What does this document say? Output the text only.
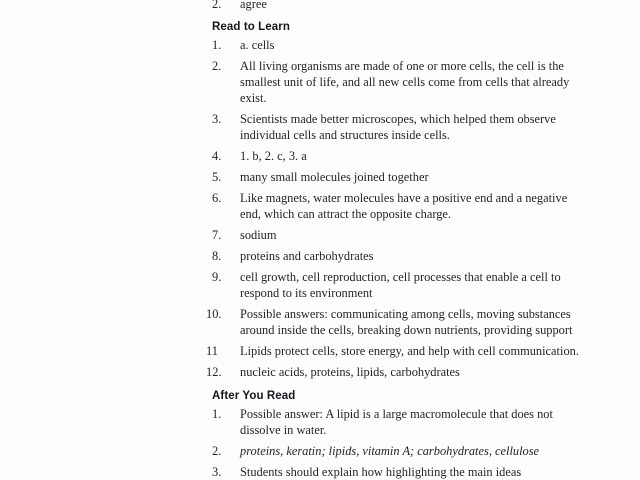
2.	agree
Read to Learn
1.	a. cells
2.	All living organisms are made of one or more cells, the cell is the smallest unit of life, and all new cells come from cells that already exist.
3.	Scientists made better microscopes, which helped them observe individual cells and structures inside cells.
4.	1. b, 2. c, 3. a
5.	many small molecules joined together
6.	Like magnets, water molecules have a positive end and a negative end, which can attract the opposite charge.
7.	sodium
8.	proteins and carbohydrates
9.	cell growth, cell reproduction, cell processes that enable a cell to respond to its environment
10.	Possible answers: communicating among cells, moving substances around inside the cells, breaking down nutrients, providing support
11	Lipids protect cells, store energy, and help with cell communication.
12.	nucleic acids, proteins, lipids, carbohydrates
After You Read
1.	Possible answer: A lipid is a large macromolecule that does not dissolve in water.
2.	proteins, keratin; lipids, vitamin A; carbohydrates, cellulose
3.	Students should explain how highlighting the main ideas
